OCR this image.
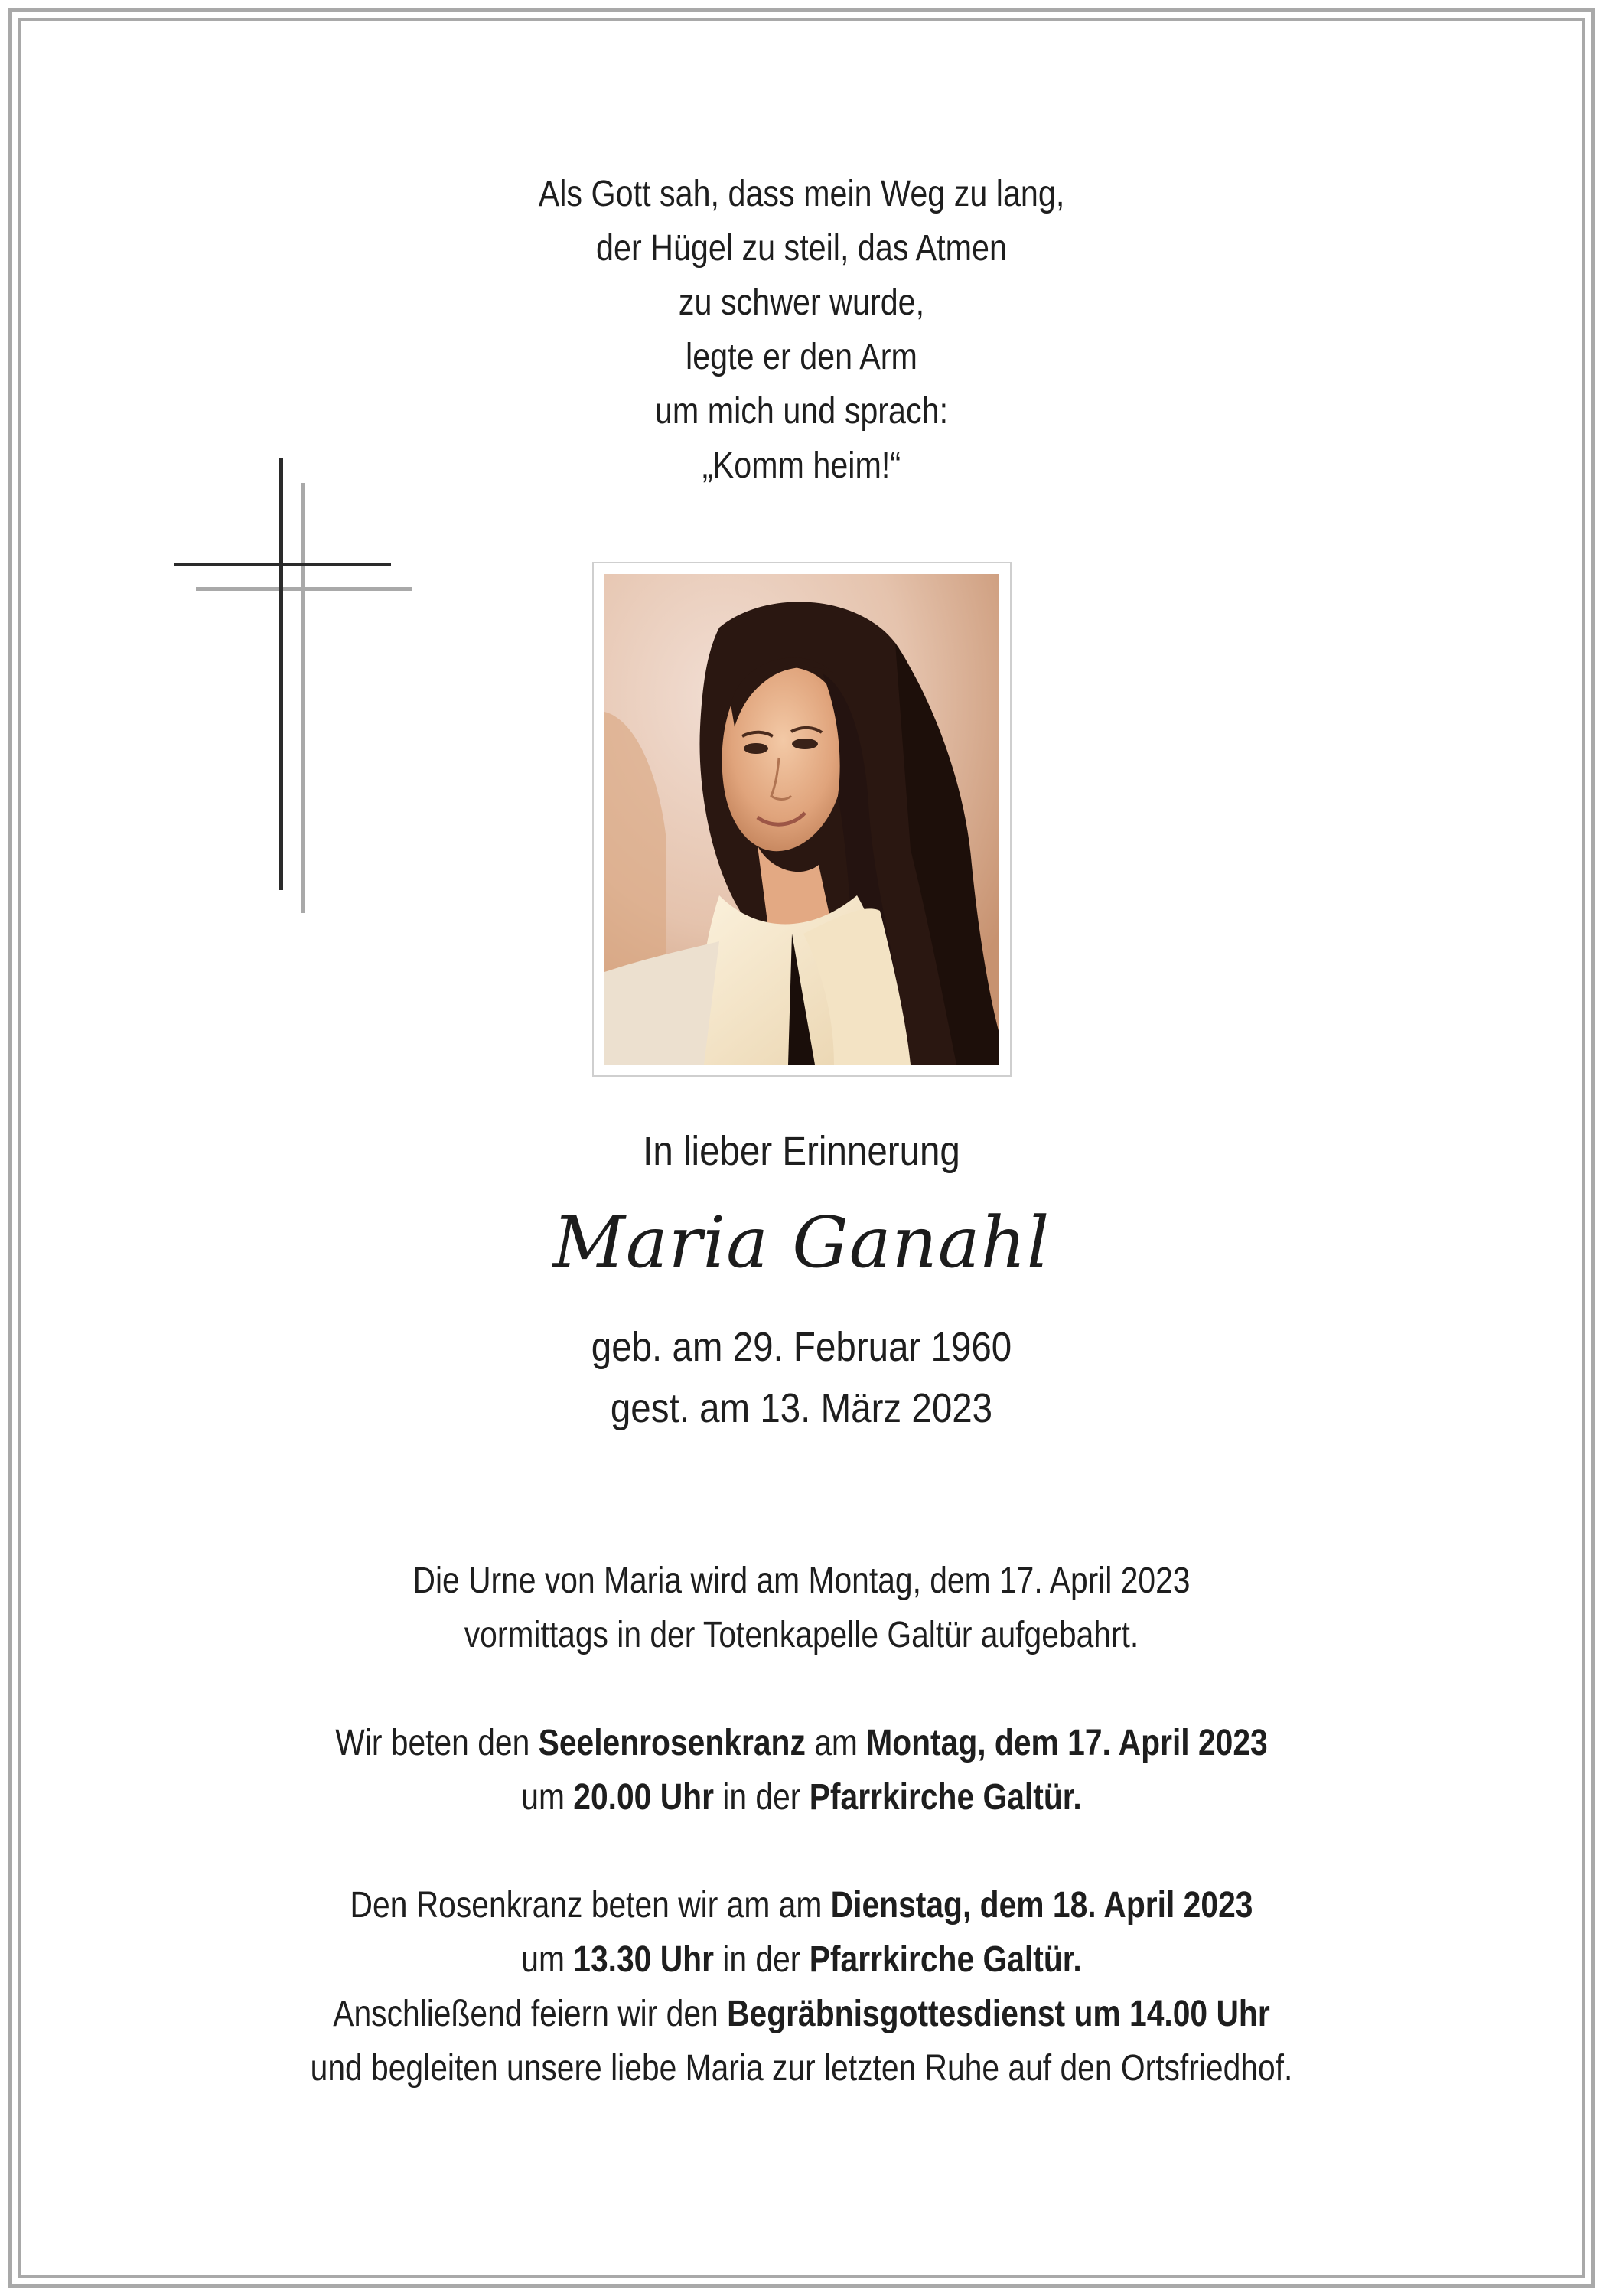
Als Gott sah, dass mein Weg zu lang,
der Hügel zu steil, das Atmen
zu schwer wurde,
legte er den Arm
um mich und sprach:
„Komm heim!“
In lieber Erinnerung
Maria Ganahl
geb. am 29. Februar 1960
gest. am 13. März 2023
Die Urne von Maria wird am Montag, dem 17. April 2023
vormittags in der Totenkapelle Galtür aufgebahrt.
Wir beten den Seelenrosenkranz am Montag, dem 17. April 2023
um 20.00 Uhr in der Pfarrkirche Galtür.
Den Rosenkranz beten wir am am Dienstag, dem 18. April 2023
um 13.30 Uhr in der Pfarrkirche Galtür.
Anschließend feiern wir den Begräbnisgottesdienst um 14.00 Uhr
und begleiten unsere liebe Maria zur letzten Ruhe auf den Ortsfriedhof.
